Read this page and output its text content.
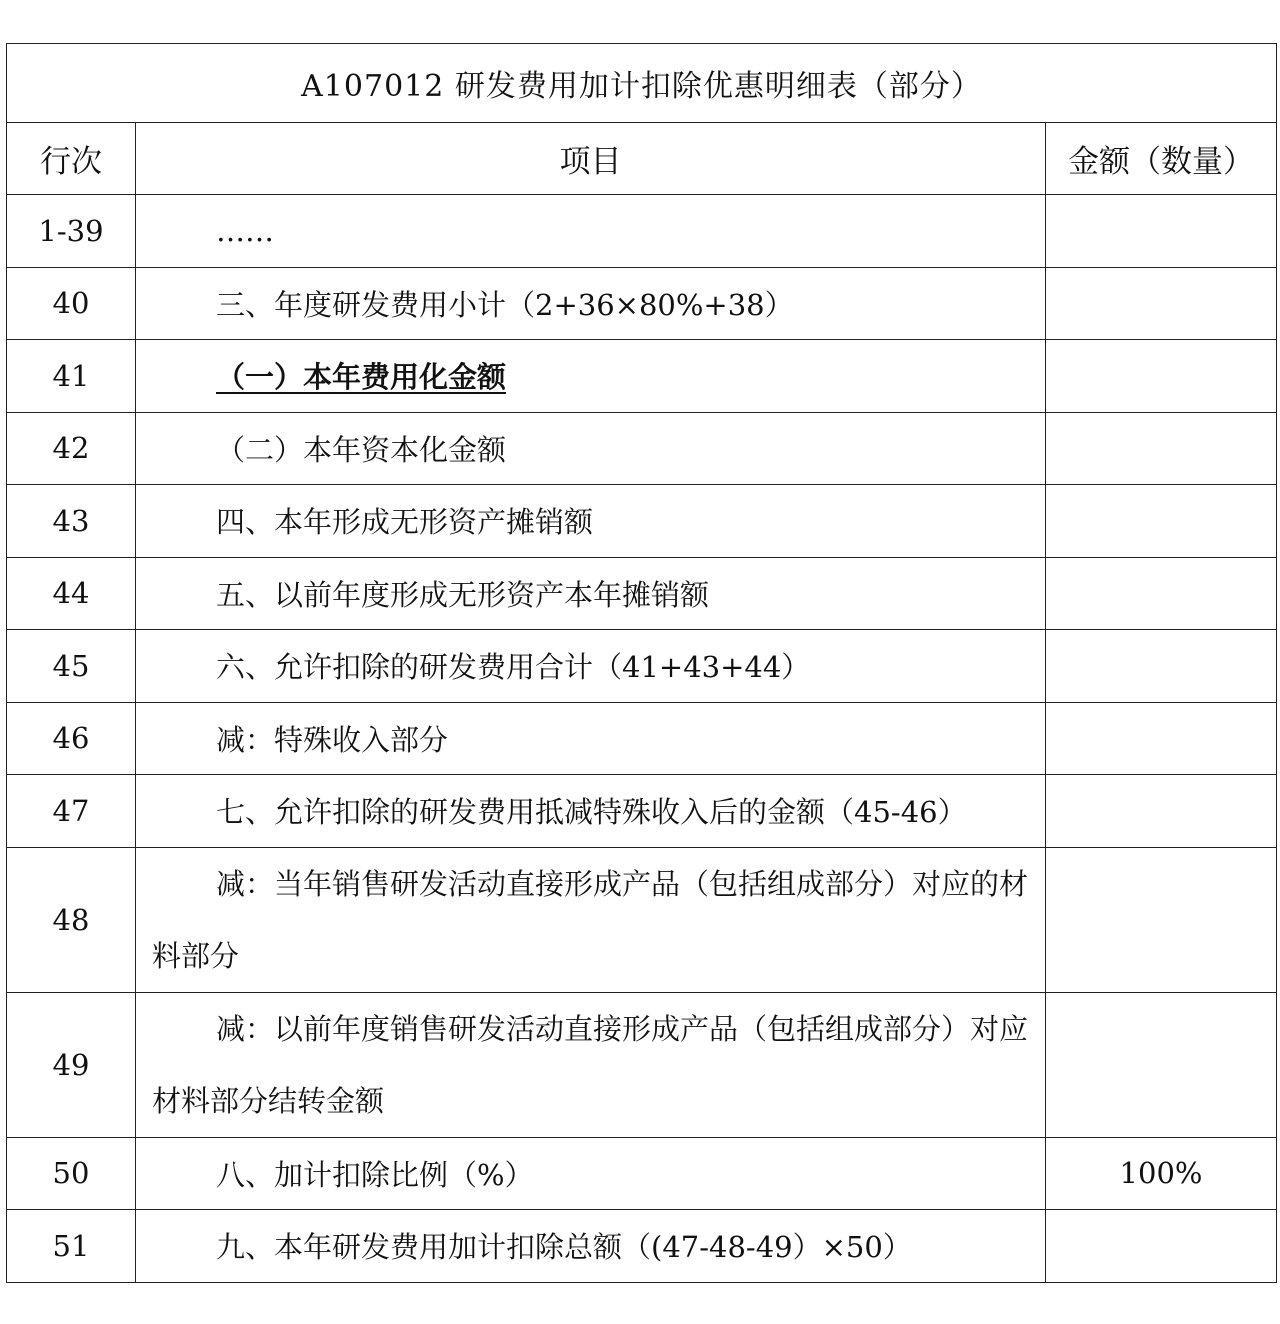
A107012 研发费用加计扣除优惠明细表（部分）		
行次	项目	金额（数量）
1-39	……	
40	三、年度研发费用小计（2+36×80%+38）	
41	（一）本年费用化金额	
42	（二）本年资本化金额	
43	四、本年形成无形资产摊销额	
44	五、以前年度形成无形资产本年摊销额	
45	六、允许扣除的研发费用合计（41+43+44）	
46	减：特殊收入部分	
47	七、允许扣除的研发费用抵减特殊收入后的金额（45-46）	
48	减：当年销售研发活动直接形成产品（包括组成部分）对应的材料部分	
49	减：以前年度销售研发活动直接形成产品（包括组成部分）对应材料部分结转金额	
50	八、加计扣除比例（%）	100%
51	九、本年研发费用加计扣除总额（(47-48-49）×50）	
